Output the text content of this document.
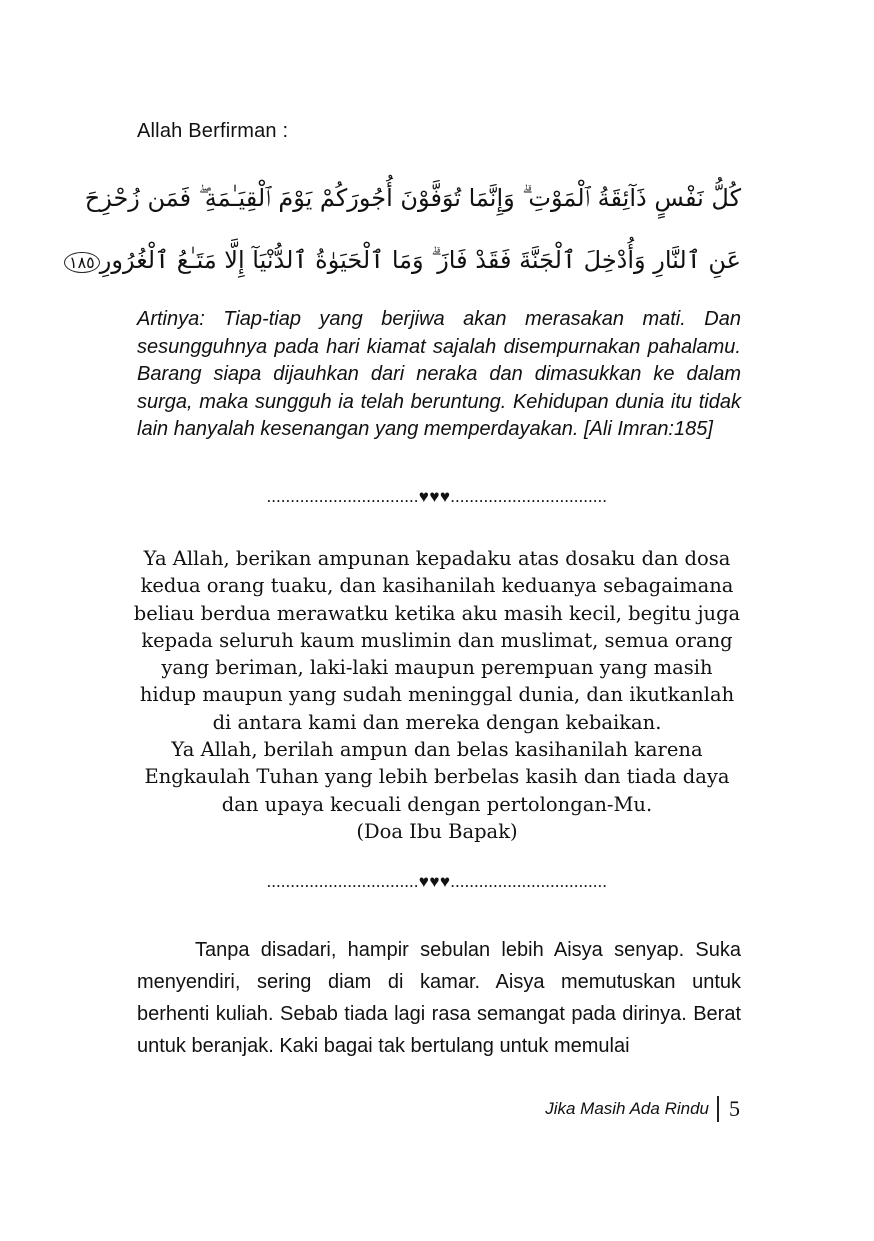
Allah Berfirman :
كُلُّ نَفْسٍ ذَآئِقَةُ ٱلْمَوْتِ ۗ وَإِنَّمَا تُوَفَّوْنَ أُجُورَكُمْ يَوْمَ ٱلْقِيَـٰمَةِ ۖ فَمَن زُحْزِحَ
عَنِ ٱلنَّارِ وَأُدْخِلَ ٱلْجَنَّةَ فَقَدْ فَازَ ۗ وَمَا ٱلْحَيَوٰةُ ٱلدُّنْيَآ إِلَّا مَتَـٰعُ ٱلْغُرُورِ١٨٥
Artinya: Tiap-tiap yang berjiwa akan merasakan mati. Dan sesungguhnya pada hari kiamat sajalah disempurnakan pahalamu. Barang siapa dijauhkan dari neraka dan dimasukkan ke dalam surga, maka sungguh ia telah beruntung. Kehidupan dunia itu tidak lain hanyalah kesenangan yang memperdayakan. [Ali Imran:185]
................................♥♥♥.................................
Ya Allah, berikan ampunan kepadaku atas dosaku dan dosa
kedua orang tuaku, dan kasihanilah keduanya sebagaimana
beliau berdua merawatku ketika aku masih kecil, begitu juga
kepada seluruh kaum muslimin dan muslimat, semua orang
yang beriman, laki-laki maupun perempuan yang masih
hidup maupun yang sudah meninggal dunia, dan ikutkanlah
di antara kami dan mereka dengan kebaikan.
Ya Allah, berilah ampun dan belas kasihanilah karena
Engkaulah Tuhan yang lebih berbelas kasih dan tiada daya
dan upaya kecuali dengan pertolongan-Mu.
(Doa Ibu Bapak)
................................♥♥♥.................................

Tanpa disadari, hampir sebulan lebih Aisya senyap. Suka menyendiri, sering diam di kamar. Aisya memutuskan untuk berhenti kuliah. Sebab tiada lagi rasa semangat pada dirinya. Berat untuk beranjak. Kaki bagai tak bertulang untuk memulai

Jika Masih Ada Rindu 5
